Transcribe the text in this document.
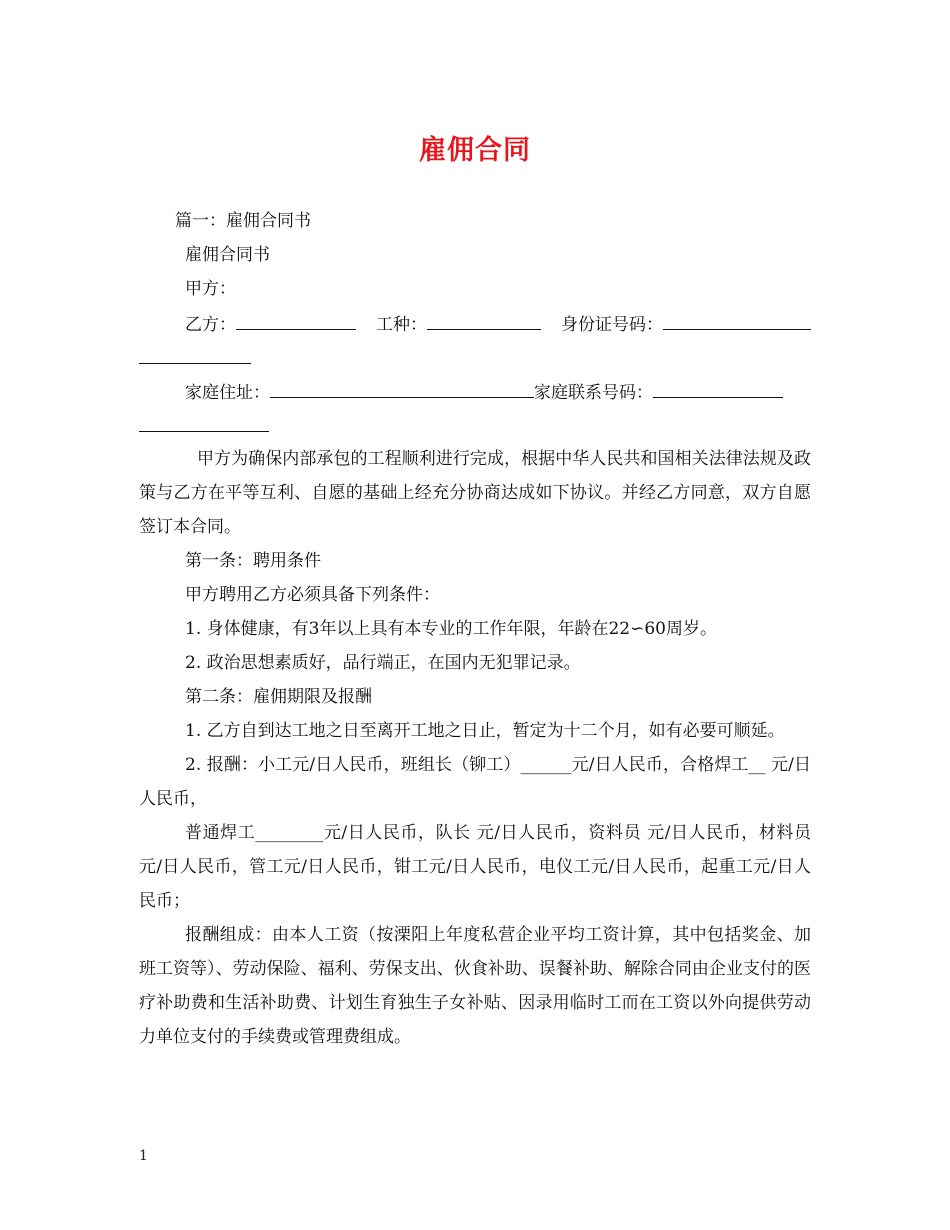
雇佣合同
篇一：雇佣合同书
雇佣合同书
甲方：
乙方：	工种：	身份证号码：
家庭住址：	家庭联系号码：
甲方为确保内部承包的工程顺利进行完成，根据中华人民共和国相关法律法规及政策与乙方在平等互利、自愿的基础上经充分协商达成如下协议。并经乙方同意，双方自愿签订本合同。
第一条：聘用条件
甲方聘用乙方必须具备下列条件：
1. 身体健康，有3年以上具有本专业的工作年限，年龄在22∽60周岁。
2. 政治思想素质好，品行端正，在国内无犯罪记录。
第二条：雇佣期限及报酬
1. 乙方自到达工地之日至离开工地之日止，暂定为十二个月，如有必要可顺延。
2. 报酬：小工元/日人民币，班组长（铆工）______元/日人民币，合格焊工__ 元/日人民币，
普通焊工________元/日人民币，队长 元/日人民币，资料员 元/日人民币，材料员元/日人民币，管工元/日人民币，钳工元/日人民币，电仪工元/日人民币，起重工元/日人民币；
报酬组成：由本人工资（按溧阳上年度私营企业平均工资计算，其中包括奖金、加班工资等）、劳动保险、福利、劳保支出、伙食补助、误餐补助、解除合同由企业支付的医疗补助费和生活补助费、计划生育独生子女补贴、因录用临时工而在工资以外向提供劳动力单位支付的手续费或管理费组成。
1
